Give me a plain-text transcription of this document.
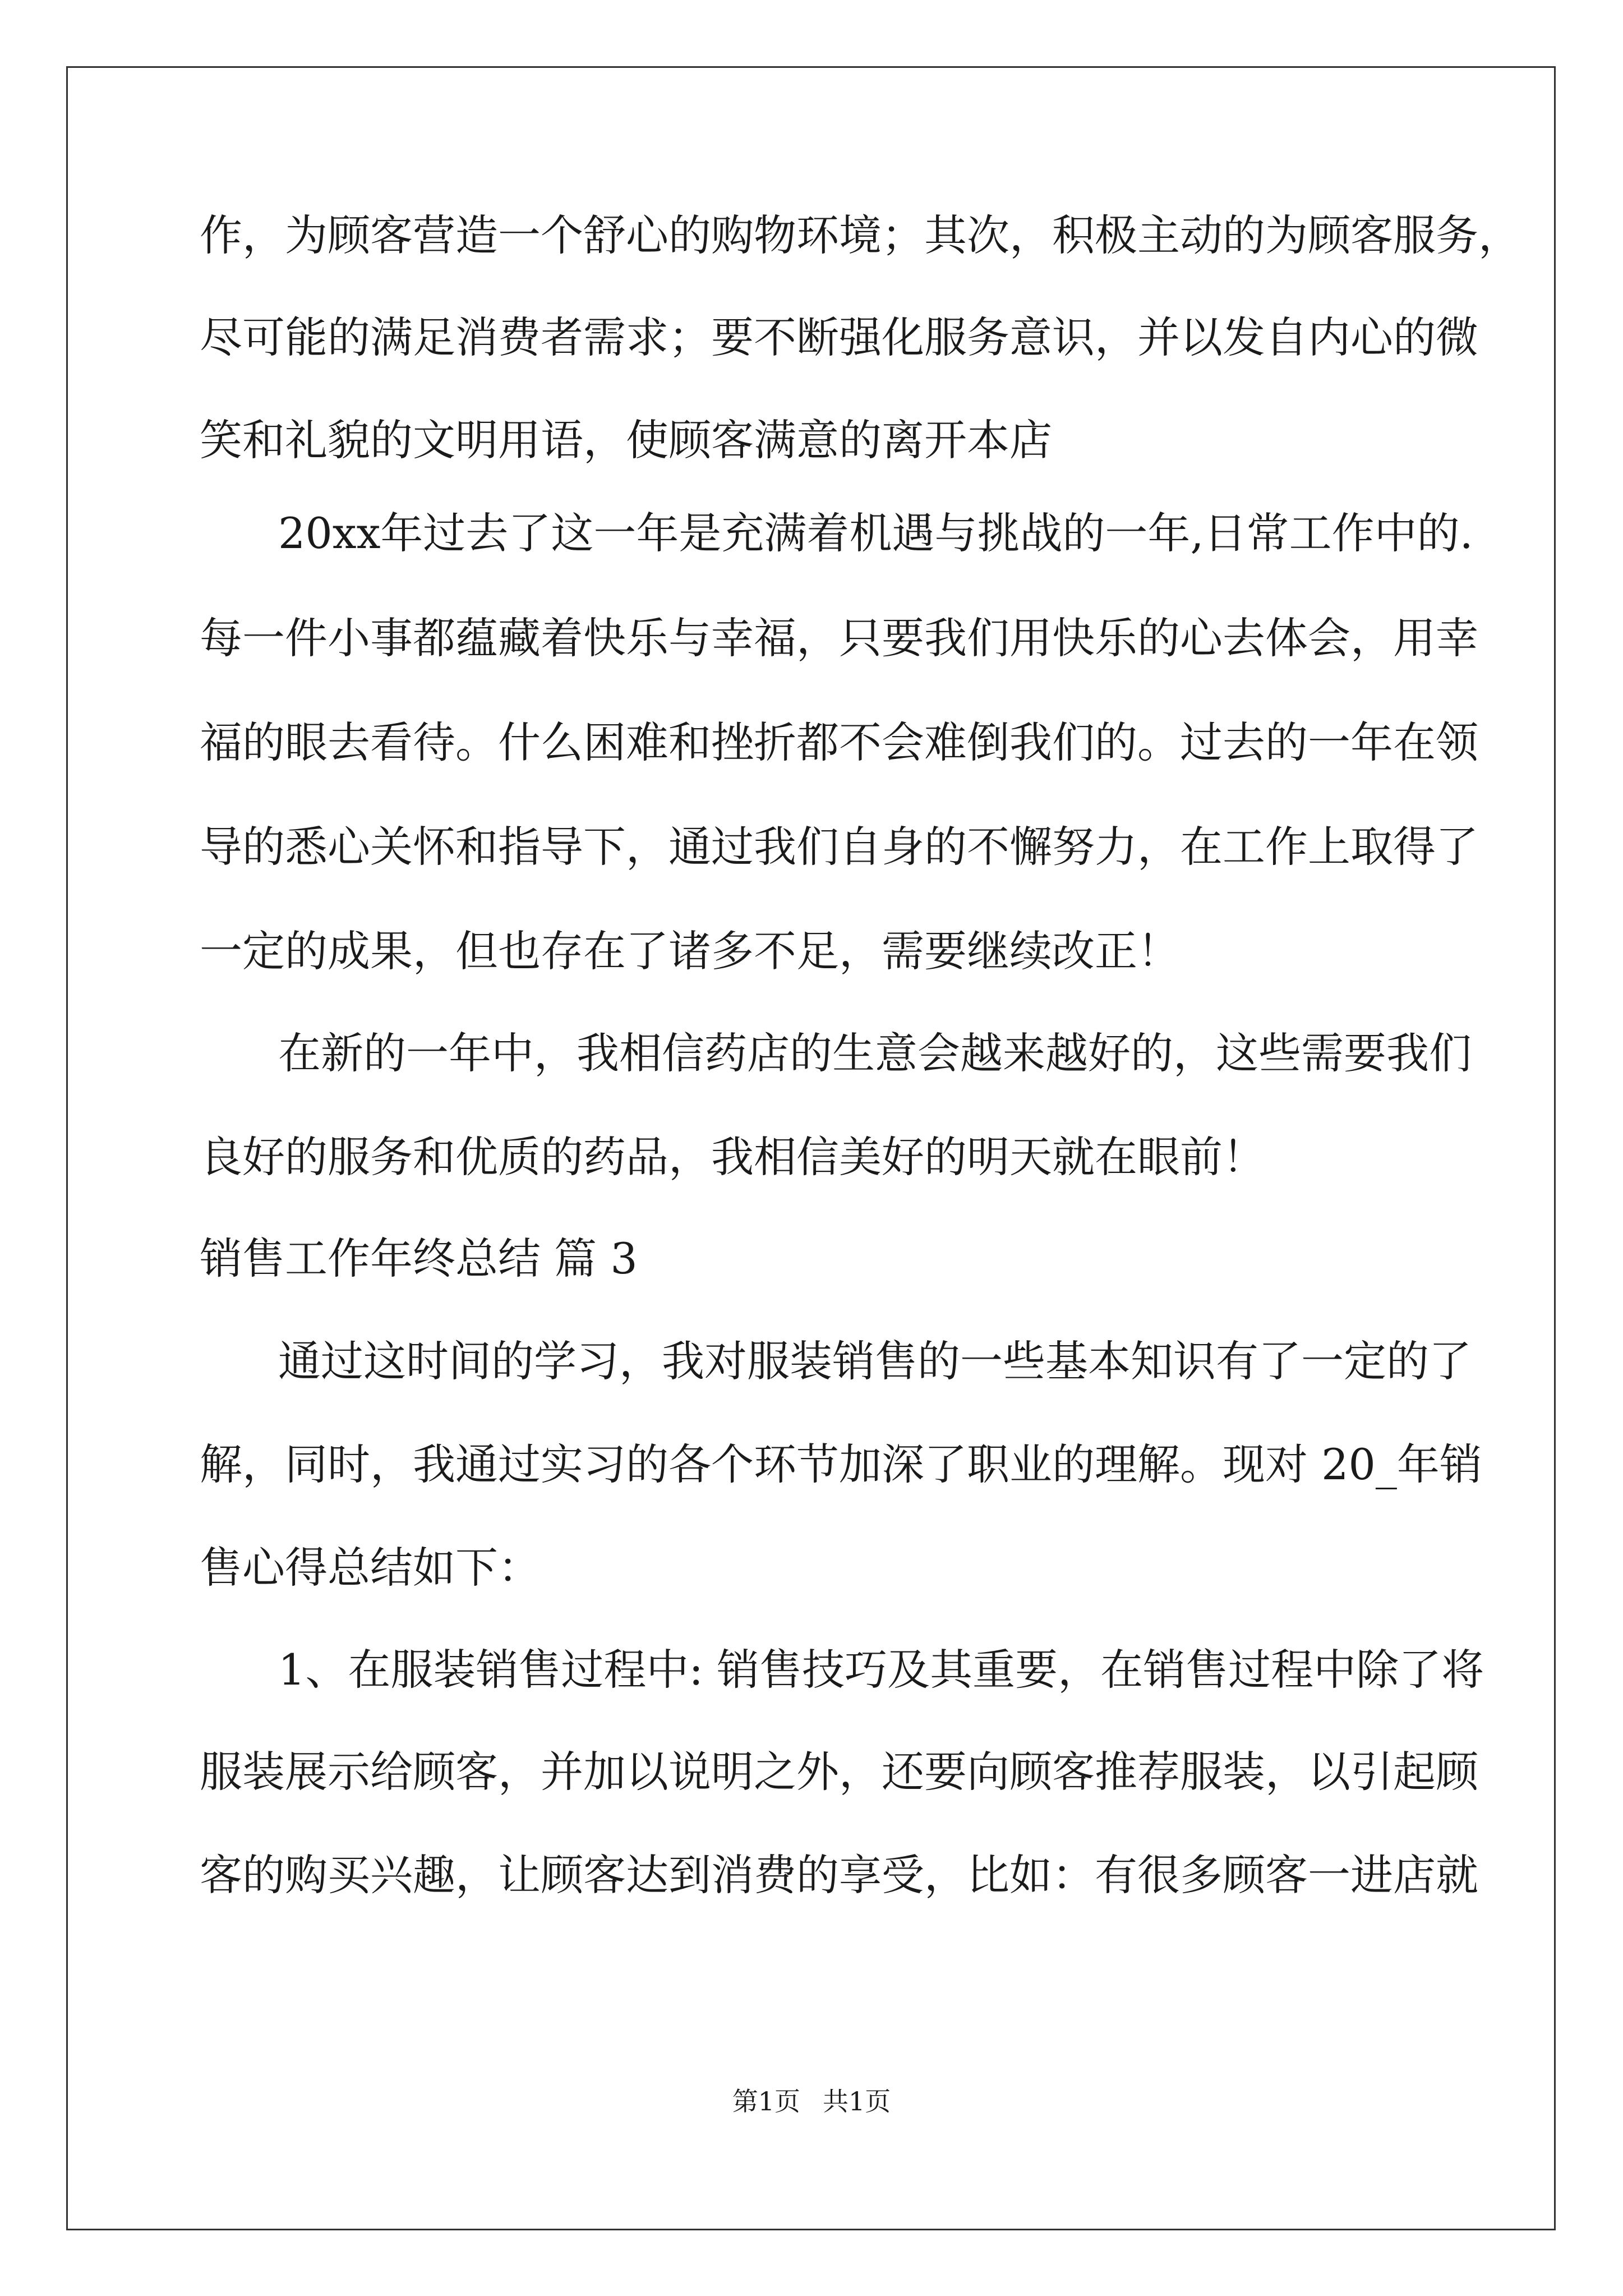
作，为顾客营造一个舒心的购物环境；其次，积极主动的为顾客服务，
尽可能的满足消费者需求；要不断强化服务意识，并以发自内心的微
笑和礼貌的文明用语，使顾客满意的离开本店
20xx年过去了这一年是充满着机遇与挑战的一年,日常工作中的.
每一件小事都蕴藏着快乐与幸福，只要我们用快乐的心去体会，用幸
福的眼去看待。什么困难和挫折都不会难倒我们的。过去的一年在领
导的悉心关怀和指导下，通过我们自身的不懈努力，在工作上取得了
一定的成果，但也存在了诸多不足，需要继续改正！
在新的一年中，我相信药店的生意会越来越好的，这些需要我们
良好的服务和优质的药品，我相信美好的明天就在眼前！
销售工作年终总结 篇 3
通过这时间的学习，我对服装销售的一些基本知识有了一定的了
解，同时，我通过实习的各个环节加深了职业的理解。现对 20_年销
售心得总结如下：
1、在服装销售过程中: 销售技巧及其重要，在销售过程中除了将
服装展示给顾客，并加以说明之外，还要向顾客推荐服装，以引起顾
客的购买兴趣，让顾客达到消费的享受，比如：有很多顾客一进店就
第1页 共1页
